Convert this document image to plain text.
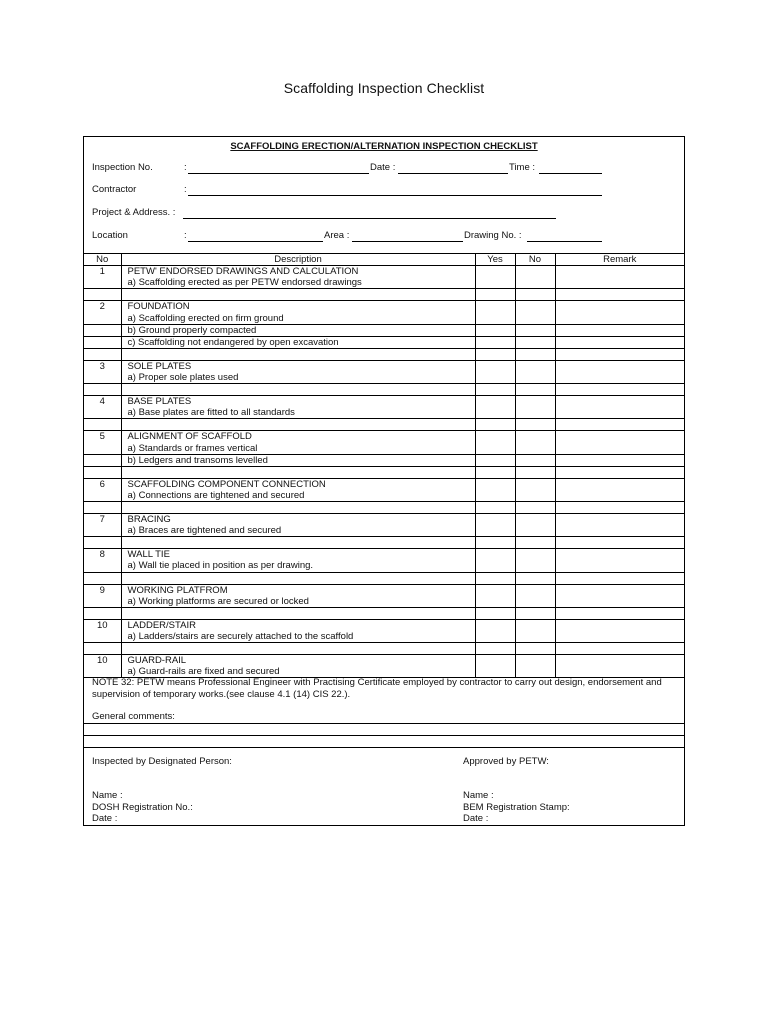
Scaffolding Inspection Checklist
SCAFFOLDING ERECTION/ALTERNATION INSPECTION CHECKLIST
Inspection No.	:	Date :	Time :
Contractor	:
Project & Address. :
Location	:	Area :	Drawing No. :
No	Description	Yes	No	Remark
1	PETW' ENDORSED DRAWINGS AND CALCULATION			
	a) Scaffolding erected as per PETW endorsed drawings			

2	FOUNDATION			
	a) Scaffolding erected on firm ground			
	b) Ground properly compacted			
	c) Scaffolding not endangered by open excavation			

3	SOLE PLATES			
	a) Proper sole plates used			

4	BASE PLATES			
	a) Base plates are fitted to all standards			

5	ALIGNMENT OF SCAFFOLD			
	a) Standards or frames vertical			
	b) Ledgers and transoms levelled			

6	SCAFFOLDING COMPONENT CONNECTION			
	a) Connections are tightened and secured			

7	BRACING			
	a) Braces are tightened and secured			

8	WALL TIE			
	a) Wall tie placed in position as per drawing.			

9	WORKING PLATFROM			
	a) Working platforms are secured or locked			

10	LADDER/STAIR			
	a) Ladders/stairs are securely attached to the scaffold			

10	GUARD-RAIL			
	a) Guard-rails are fixed and secured			
NOTE 32: PETW means Professional Engineer with Practising Certificate employed by contractor to carry out design, endorsement and supervision of temporary works.(see clause 4.1 (14) CIS 22.).
General comments:
Inspected by Designated Person:	Approved by PETW:
Name :
DOSH Registration No.:
Date :
Name :
BEM Registration Stamp:
Date :
